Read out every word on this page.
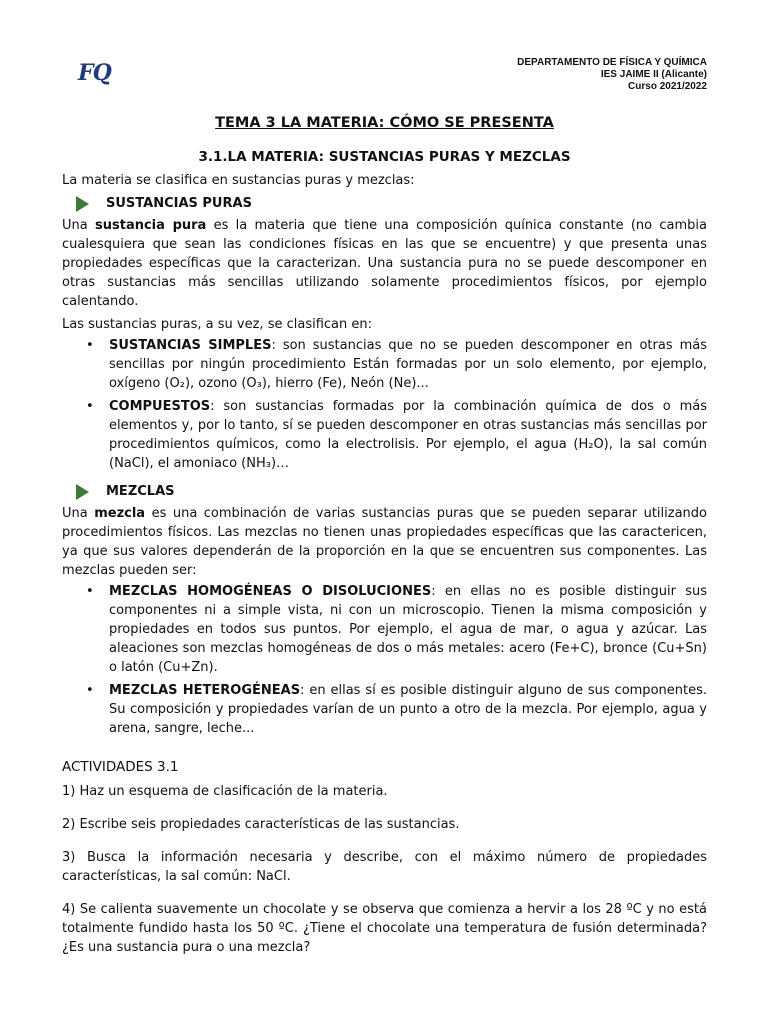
FQ	DEPARTAMENTO DE FÍSICA Y QUÍMICA
IES JAIME II (Alicante)
Curso 2021/2022
TEMA 3 LA MATERIA: CÓMO SE PRESENTA
3.1.LA MATERIA: SUSTANCIAS PURAS Y MEZCLAS

La materia se clasifica en sustancias puras y mezclas:

SUSTANCIAS PURAS

Una sustancia pura es la materia que tiene una composición quínica constante (no cambia cualesquiera que sean las condiciones físicas en las que se encuentre) y que presenta unas propiedades específicas que la caracterizan. Una sustancia pura no se puede descomponer en otras sustancias más sencillas utilizando solamente procedimientos físicos, por ejemplo calentando.

Las sustancias puras, a su vez, se clasifican en:

• SUSTANCIAS SIMPLES: son sustancias que no se pueden descomponer en otras más sencillas por ningún procedimiento Están formadas por un solo elemento, por ejemplo, oxígeno (O₂), ozono (O₃), hierro (Fe), Neón (Ne)...
• COMPUESTOS: son sustancias formadas por la combinación química de dos o más elementos y, por lo tanto, sí se pueden descomponer en otras sustancias más sencillas por procedimientos químicos, como la electrolisis. Por ejemplo, el agua (H₂O), la sal común (NaCl), el amoniaco (NH₃)…
MEZCLAS

Una mezcla es una combinación de varias sustancias puras que se pueden separar utilizando procedimientos físicos. Las mezclas no tienen unas propiedades específicas que las caractericen, ya que sus valores dependerán de la proporción en la que se encuentren sus componentes. Las mezclas pueden ser:

• MEZCLAS HOMOGÉNEAS O DISOLUCIONES: en ellas no es posible distinguir sus componentes ni a simple vista, ni con un microscopio. Tienen la misma composición y propiedades en todos sus puntos. Por ejemplo, el agua de mar, o agua y azúcar. Las aleaciones son mezclas homogéneas de dos o más metales: acero (Fe+C), bronce (Cu+Sn) o latón (Cu+Zn).
• MEZCLAS HETEROGÉNEAS: en ellas sí es posible distinguir alguno de sus componentes. Su composición y propiedades varían de un punto a otro de la mezcla. Por ejemplo, agua y arena, sangre, leche...

ACTIVIDADES 3.1

1) Haz un esquema de clasificación de la materia.

2) Escribe seis propiedades características de las sustancias.

3) Busca la información necesaria y describe, con el máximo número de propiedades características, la sal común: NaCl.

4) Se calienta suavemente un chocolate y se observa que comienza a hervir a los 28 ºC y no está totalmente fundido hasta los 50 ºC. ¿Tiene el chocolate una temperatura de fusión determinada? ¿Es una sustancia pura o una mezcla?
